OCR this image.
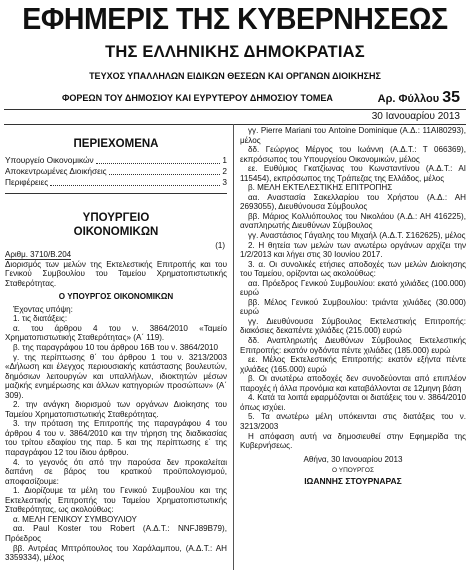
ΕΦΗΜΕΡΙΣ ΤΗΣ ΚΥΒΕΡΝΗΣΕΩΣ
ΤΗΣ ΕΛΛΗΝΙΚΗΣ ΔΗΜΟΚΡΑΤΙΑΣ
ΤΕΥΧΟΣ ΥΠΑΛΛΗΛΩΝ ΕΙΔΙΚΩΝ ΘΕΣΕΩΝ ΚΑΙ ΟΡΓΑΝΩΝ ΔΙΟΙΚΗΣΗΣ
ΦΟΡΕΩΝ ΤΟΥ ΔΗΜΟΣΙΟΥ ΚΑΙ ΕΥΡΥΤΕΡΟΥ ΔΗΜΟΣΙΟΥ ΤΟΜΕΑ	Αρ. Φύλλου 35
30 Ιανουαρίου 2013
ΠΕΡΙΕΧΟΜΕΝΑ
Υπουργείο Οικονομικών	1
Αποκεντρωμένες Διοικήσεις	2
Περιφέρειες	3
ΥΠΟΥΡΓΕΙΟ
ΟΙΚΟΝΟΜΙΚΩΝ
(1)
Αριθμ. 3710/Β.204

Διορισμός των μελών της Εκτελεστικής Επιτροπής και του Γενικού Συμβουλίου του Ταμείου Χρηματοπιστωτικής Σταθερότητας.

Ο ΥΠΟΥΡΓΟΣ ΟΙΚΟΝΟΜΙΚΩΝ

Έχοντας υπόψη:

1. τις διατάξεις:

α. του άρθρου 4 του ν. 3864/2010 «Ταμείο Χρηματοπιστωτικής Σταθερότητας» (Α΄ 119).

β. της παραγράφου 10 του άρθρου 16Β του ν. 3864/2010

γ. της περίπτωσης θ΄ του άρθρου 1 του ν. 3213/2003 «Δήλωση και έλεγχος περιουσιακής κατάστασης βουλευτών, δημόσιων λειτουργών και υπαλλήλων, ιδιοκτητών μέσων μαζικής ενημέρωσης και άλλων κατηγοριών προσώπων» (Α΄ 309).

2. την ανάγκη διορισμού των οργάνων Διοίκησης του Ταμείου Χρηματοπιστωτικής Σταθερότητας.

3. την πρόταση της Επιτροπής της παραγράφου 4 του άρθρου 4 του ν. 3864/2010 και την τήρηση της διαδικασίας του τρίτου εδαφίου της παρ. 5 και της περίπτωσης ε΄ της παραγράφου 12 του ίδιου άρθρου.

4. το γεγονός ότι από την παρούσα δεν προκαλείται δαπάνη σε βάρος του κρατικού προϋπολογισμού, αποφασίζουμε:

1. Διορίζουμε τα μέλη του Γενικού Συμβουλίου και της Εκτελεστικής Επιτροπής του Ταμείου Χρηματοπιστωτικής Σταθερότητας, ως ακολούθως:

α. ΜΕΛΗ ΓΕΝΙΚΟΥ ΣΥΜΒΟΥΛΙΟΥ

αα. Paul Koster του Robert (Α.Δ.Τ.: NNFJ89B79), Πρόεδρος

ββ. Αντρέας Μπτρόπουλος του Χαράλαμπου, (Α.Δ.Τ.: ΑΗ 3359334), μέλος

γγ. Pierre Mariani του Antoine Dominique (Α.Δ.: 11ΑΙ80293), μέλος

δδ. Γεώργιος Μέργος του Ιωάννη (Α.Δ.Τ.: Τ 066369), εκπρόσωπος του Υπουργείου Οικονομικών, μέλος

εε. Ευθύμιος Γκατζίωνας του Κωνσταντίνου (Α.Δ.Τ.: ΑΙ 115454), εκπρόσωπος της Τράπεζας της Ελλάδος, μέλος

β. ΜΕΛΗ ΕΚΤΕΛΕΣΤΙΚΗΣ ΕΠΙΤΡΟΠΗΣ

αα. Αναστασία Σακελλαρίου του Χρήστου (Α.Δ.: ΑΗ 2693055), Διευθύνουσα Σύμβουλος

ββ. Μάριος Κολλιόπουλος του Νικολάου (Α.Δ.: ΑΗ 416225), αναπληρωτής Διευθύνων Σύμβουλος

γγ. Αναστάσιος Γάγαλης του Μιχαήλ (Α.Δ.Τ. Σ162625), μέλος

2. Η θητεία των μελών των ανωτέρω οργάνων αρχίζει την 1/2/2013 και λήγει στις 30 Ιουνίου 2017.

3. α. Οι συνολικές ετήσιες αποδοχές των μελών Διοίκησης του Ταμείου, ορίζονται ως ακολούθως:

αα. Πρόεδρος Γενικού Συμβουλίου: εκατό χιλιάδες (100.000) ευρώ

ββ. Μέλος Γενικού Συμβουλίου: τριάντα χιλιάδες (30.000) ευρώ

γγ. Διευθύνουσα Σύμβουλος Εκτελεστικής Επιτροπής: διακόσιες δεκαπέντε χιλιάδες (215.000) ευρώ

δδ. Αναπληρωτής Διευθύνων Σύμβουλος Εκτελεστικής Επιτροπής: εκατόν ογδόντα πέντε χιλιάδες (185.000) ευρώ

εε. Μέλος Εκτελεστικής Επιτροπής: εκατόν εξήντα πέντε χιλιάδες (165.000) ευρώ

β. Οι ανωτέρω αποδοχές δεν συνοδεύονται από επιπλέον παροχές ή άλλα προνόμια και καταβάλλονται σε 12μηνη βάση

4. Κατά τα λοιπά εφαρμόζονται οι διατάξεις του ν. 3864/2010 όπως ισχύει.

5. Τα ανωτέρω μέλη υπόκεινται στις διατάξεις του ν. 3213/2003

Η απόφαση αυτή να δημοσιευθεί στην Εφημερίδα της Κυβερνήσεως.

Αθήνα, 30 Ιανουαρίου 2013
Ο ΥΠΟΥΡΓΟΣ
ΙΩΑΝΝΗΣ ΣΤΟΥΡΝΑΡΑΣ
